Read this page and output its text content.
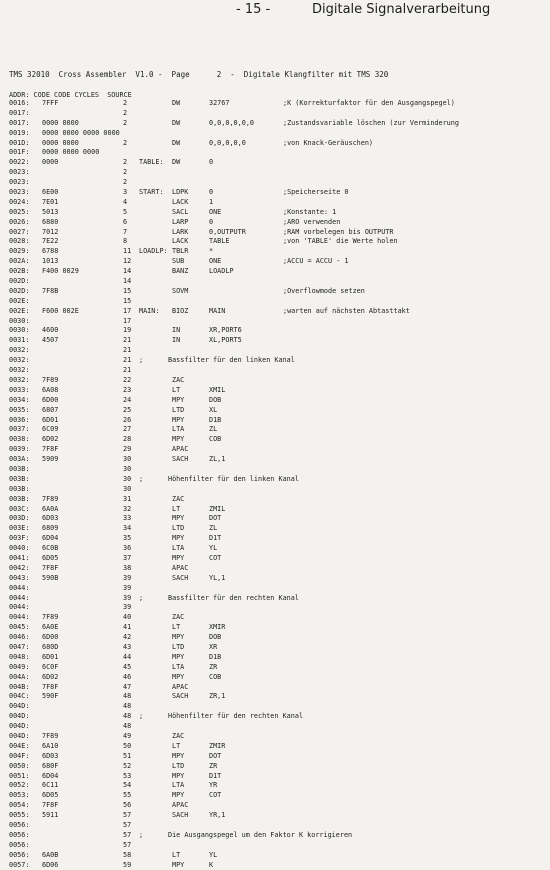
- 15 -	Digitale Signalverarbeitung
TMS 32010  Cross Assembler  V1.0 -  Page      2  -  Digitale Klangfilter mit TMS 320
ADDR: CODE CODE CYCLES  SOURCE
0016: 7FFF	2	DW	32767	;K (Korrekturfaktor für den Ausgangspegel)
0017:	2
0017: 0000 0000	2	DW	0,0,0,0,0,0	;Zustandsvariable löschen (zur Verminderung
0019: 0000 0000 0000 0000
001D: 0000 0000	2	DW	0,0,0,0,0	;von Knack-Geräuschen)
001F: 0000 0000 0000
0022: 0000	2 TABLE: DW	0
0023:	2
0023:	2
0023: 6E00	3 START: LDPK	0	;Speicherseite 0
0024: 7E01	4	LACK	1
0025: 5013	5	SACL	ONE	;Konstante: 1
0026: 6880	6	LARP	0	;ARO verwenden
0027: 7012	7	LARK	0,OUTPUTR	;RAM vorbelegen bis OUTPUTR
0028: 7E22	8	LACK	TABLE	;von 'TABLE' die Werte holen
0029: 6788	11 LOADLP: TBLR	*
002A: 1013	12	SUB	ONE	;ACCU = ACCU - 1
002B: F400 0029	14	BANZ	LOADLP
002D:	14
002D: 7F8B	15	SOVM	;Overflowmode setzen
002E:	15
002E: F600 002E	17 MAIN: BIOZ	MAIN	;warten auf nächsten Abtasttakt
0030:	17
0030: 4600	19	IN	XR,PORT6
0031: 4507	21	IN	XL,PORT5
0032:	21
0032:	21 ;	Bassfilter für den linken Kanal
0032:	21
0032: 7F89	22	ZAC
0033: 6A08	23	LT	XMIL
0034: 6D00	24	MPY	DOB
0035: 6807	25	LTD	XL
0036: 6D01	26	MPY	D1B
0037: 6C09	27	LTA	ZL
0038: 6D02	28	MPY	COB
0039: 7F8F	29	APAC
003A: 5909	30	SACH	ZL,1
003B:	30
003B:	30 ;	Höhenfilter für den linken Kanal
003B:	30
003B: 7F89	31	ZAC
003C: 6A0A	32	LT	ZMIL
003D: 6D03	33	MPY	DOT
003E: 6809	34	LTD	ZL
003F: 6D04	35	MPY	D1T
0040: 6C0B	36	LTA	YL
0041: 6D05	37	MPY	COT
0042: 7F8F	38	APAC
0043: 590B	39	SACH	YL,1
0044:	39
0044:	39 ;	Bassfilter für den rechten Kanal
0044:	39
0044: 7F89	40	ZAC
0045: 6A0E	41	LT	XMIR
0046: 6D00	42	MPY	DOB
0047: 680D	43	LTD	XR
0048: 6D01	44	MPY	D1B
0049: 6C0F	45	LTA	ZR
004A: 6D02	46	MPY	COB
004B: 7F8F	47	APAC
004C: 590F	48	SACH	ZR,1
004D:	48
004D:	48 ;	Höhenfilter für den rechten Kanal
004D:	48
004D: 7F89	49	ZAC
004E: 6A10	50	LT	ZMIR
004F: 6D03	51	MPY	DOT
0050: 680F	52	LTD	ZR
0051: 6D04	53	MPY	D1T
0052: 6C11	54	LTA	YR
0053: 6D05	55	MPY	COT
0054: 7F8F	56	APAC
0055: 5911	57	SACH	YR,1
0056:	57
0056:	57 ;	Die Ausgangspegel um den Faktor K korrigieren
0056:	57
0056: 6A0B	58	LT	YL
0057: 6D06	59	MPY	K
